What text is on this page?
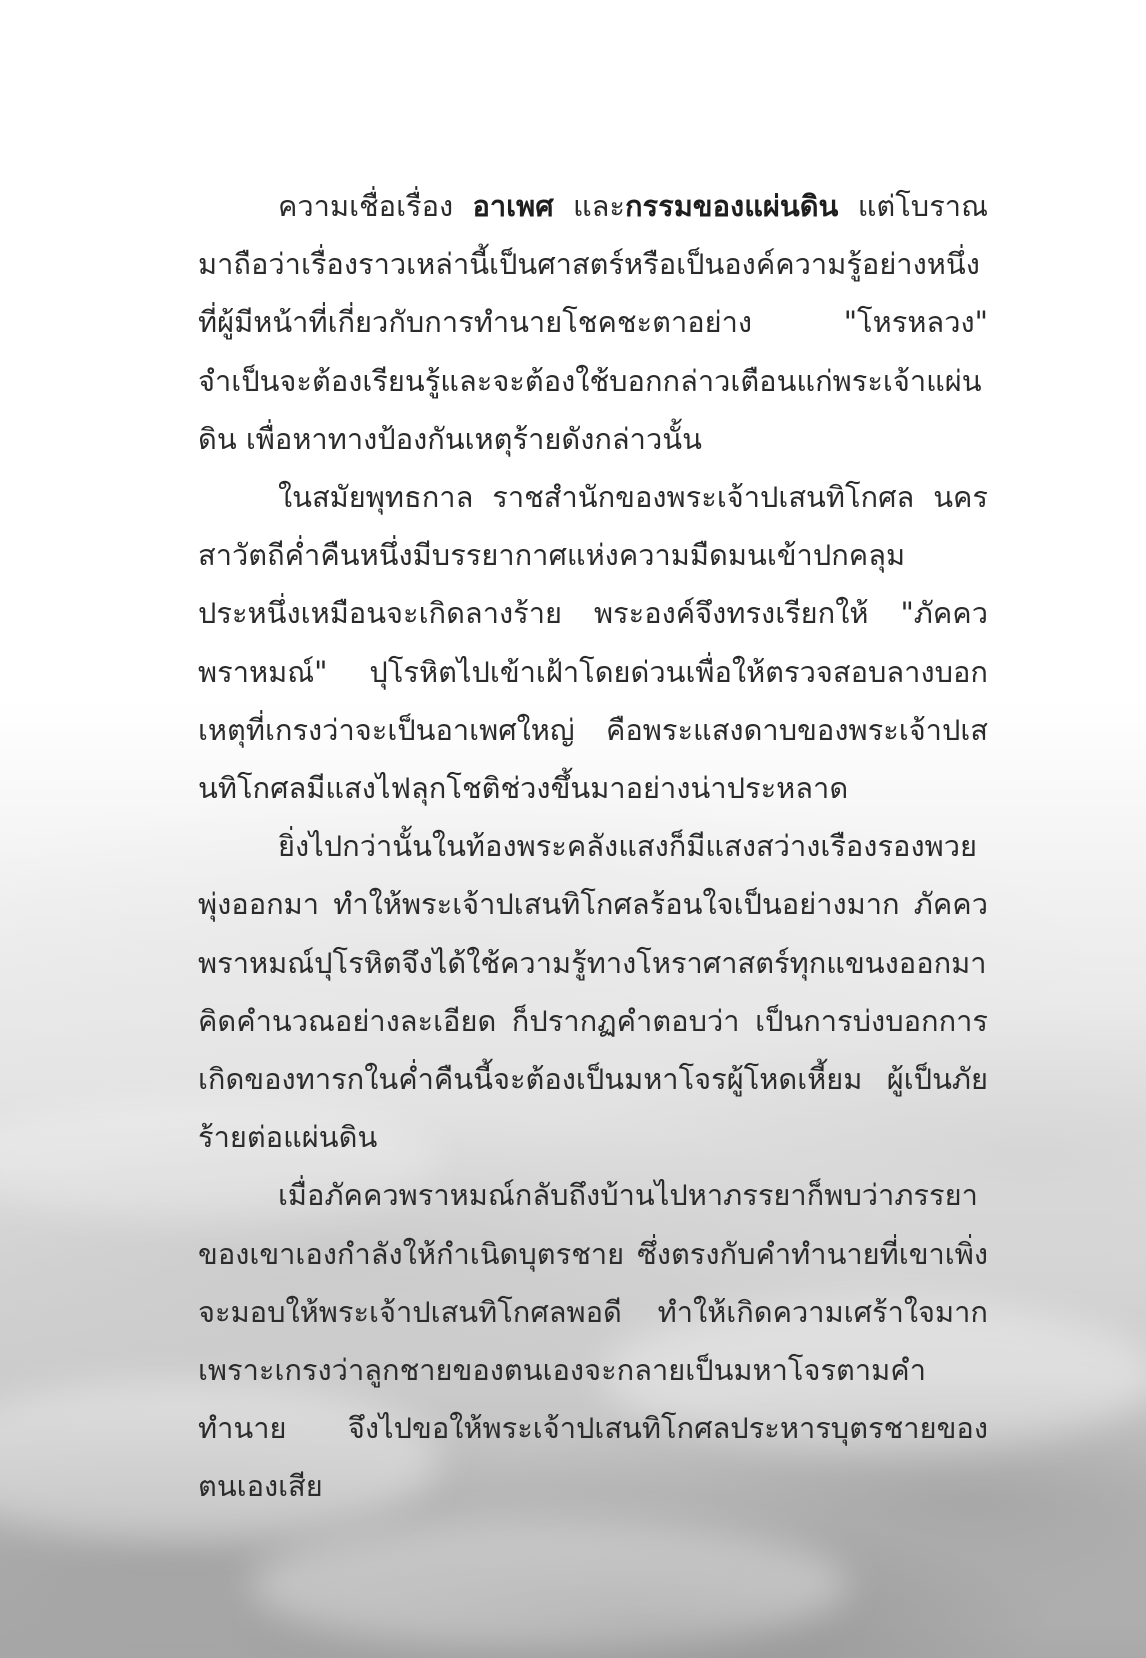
ความเชื่อเรื่อง อาเพศ และกรรมของแผ่นดิน แต่โบราณมาถือว่าเรื่องราวเหล่านี้เป็นศาสตร์หรือเป็นองค์ความรู้อย่างหนึ่ง ที่ผู้มีหน้าที่เกี่ยวกับการทำนายโชคชะตาอย่าง "โหรหลวง" จำเป็นจะต้องเรียนรู้และจะต้องใช้บอกกล่าวเตือนแก่พระเจ้าแผ่นดิน เพื่อหาทางป้องกันเหตุร้ายดังกล่าวนั้น

ในสมัยพุทธกาล ราชสำนักของพระเจ้าปเสนทิโกศล นครสาวัตถีค่ำคืนหนึ่งมีบรรยากาศแห่งความมืดมนเข้าปกคลุมประหนึ่งเหมือนจะเกิดลางร้าย พระองค์จึงทรงเรียกให้ "ภัคควพราหมณ์" ปุโรหิตไปเข้าเฝ้าโดยด่วนเพื่อให้ตรวจสอบลางบอกเหตุที่เกรงว่าจะเป็นอาเพศใหญ่ คือพระแสงดาบของพระเจ้าปเสนทิโกศลมีแสงไฟลุกโชติช่วงขึ้นมาอย่างน่าประหลาด

ยิ่งไปกว่านั้นในท้องพระคลังแสงก็มีแสงสว่างเรืองรองพวยพุ่งออกมา ทำให้พระเจ้าปเสนทิโกศลร้อนใจเป็นอย่างมาก ภัคควพราหมณ์ปุโรหิตจึงได้ใช้ความรู้ทางโหราศาสตร์ทุกแขนงออกมาคิดคำนวณอย่างละเอียด ก็ปรากฏคำตอบว่า เป็นการบ่งบอกการเกิดของทารกในค่ำคืนนี้จะต้องเป็นมหาโจรผู้โหดเหี้ยม ผู้เป็นภัยร้ายต่อแผ่นดิน

เมื่อภัคควพราหมณ์กลับถึงบ้านไปหาภรรยาก็พบว่าภรรยาของเขาเองกำลังให้กำเนิดบุตรชาย ซึ่งตรงกับคำทำนายที่เขาเพิ่งจะมอบให้พระเจ้าปเสนทิโกศลพอดี ทำให้เกิดความเศร้าใจมากเพราะเกรงว่าลูกชายของตนเองจะกลายเป็นมหาโจรตามคำทำนาย จึงไปขอให้พระเจ้าปเสนทิโกศลประหารบุตรชายของตนเองเสีย
